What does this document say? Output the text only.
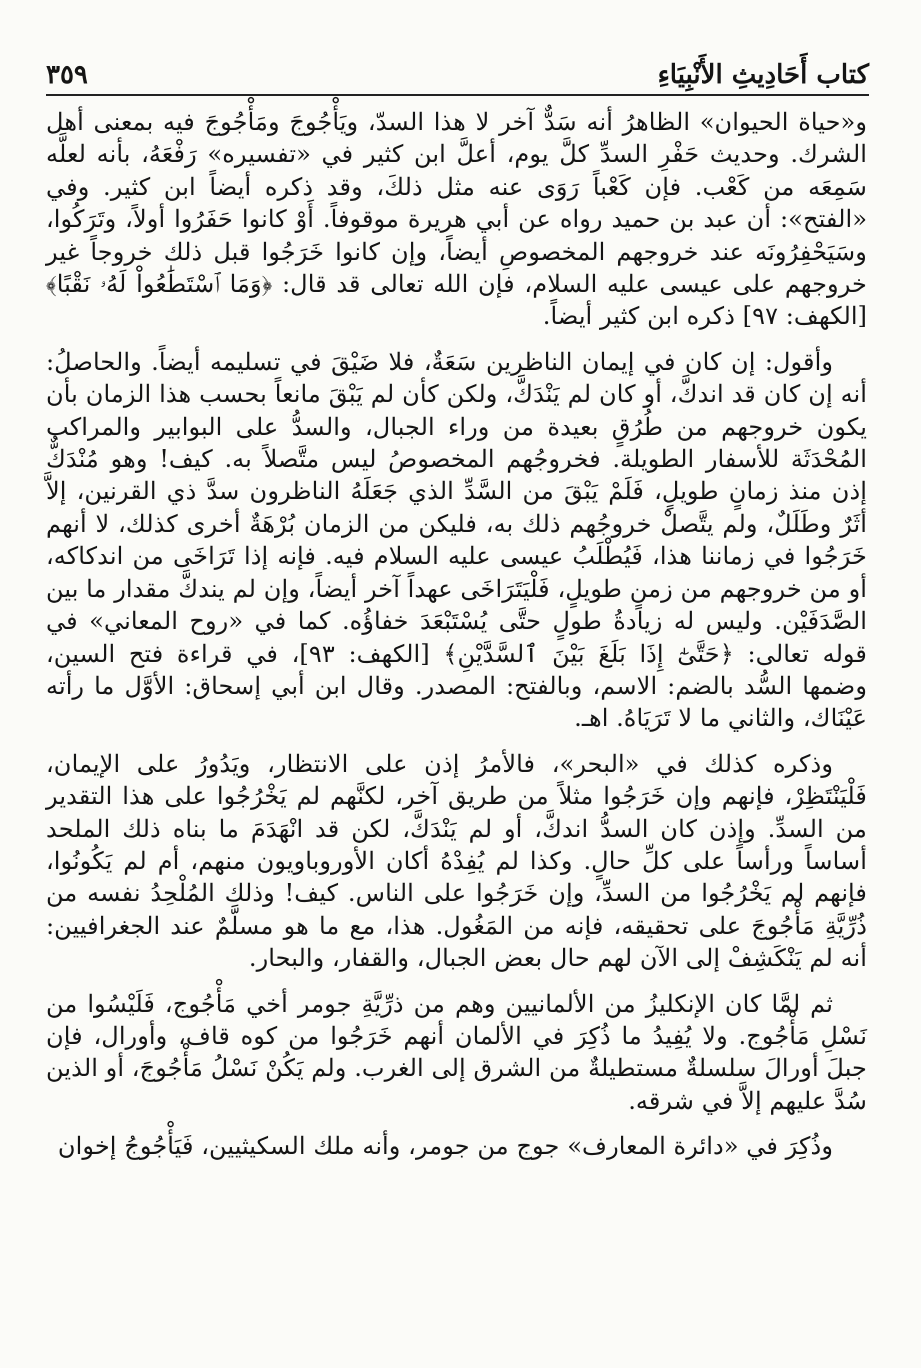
كتاب أَحَادِيثِ الأَنْبِيَاءِ
٣٥٩

و«حياة الحيوان» الظاهرُ أنه سَدٌّ آخر لا هذا السدّ، ويَأْجُوجَ ومَأْجُوجَ فيه بمعنى أهل الشرك. وحديث حَفْرِ السدِّ كلَّ يوم، أعلَّ ابن كثير في «تفسيره» رَفْعَهُ، بأنه لعلَّه سَمِعَه من كَعْب. فإن كَعْباً رَوَى عنه مثل ذلكَ، وقد ذكره أيضاً ابن كثير. وفي «الفتح»: أن عبد بن حميد رواه عن أبي هريرة موقوفاً. أَوْ كانوا حَفَرُوا أولاً، وتَرَكُوا، وسَيَحْفِرُونَه عند خروجهم المخصوصِ أيضاً، وإن كانوا خَرَجُوا قبل ذلك خروجاً غير خروجهم على عيسى عليه السلام، فإن الله تعالى قد قال: ﴿وَمَا ٱسْتَطَٰعُواْ لَهُۥ نَقْبًا﴾ [الكهف: ٩٧] ذكره ابن كثير أيضاً.

وأقول: إن كان في إيمان الناظرين سَعَةٌ، فلا ضَيْقَ في تسليمه أيضاً. والحاصلُ: أنه إن كان قد اندكَّ، أو كان لم يَنْدَكَّ، ولكن كأن لم يَبْقَ مانعاً بحسب هذا الزمان بأن يكون خروجهم من طُرُقٍ بعيدة من وراء الجبال، والسدُّ على البوابير والمراكب المُحْدَثَة للأسفار الطويلة. فخروجُهم المخصوصُ ليس متَّصلاً به. كيف! وهو مُنْدَكٌّ إذن منذ زمانٍ طويلٍ، فَلَمْ يَبْقَ من السَّدِّ الذي جَعَلَهُ الناظرون سدَّ ذي القرنين، إلاَّ أثَرٌ وطَلَلٌ، ولم يتَّصلْ خروجُهم ذلك به، فليكن من الزمان بُرْهَةٌ أخرى كذلك، لا أنهم خَرَجُوا في زماننا هذا، فَيُطْلَبُ عيسى عليه السلام فيه. فإنه إذا تَرَاخَى من اندكاكه، أو من خروجهم من زمنٍ طويلٍ، فَلْيَتَرَاخَى عهداً آخر أيضاً، وإن لم يندكَّ مقدار ما بين الصَّدَفَيْن. وليس له زيادةُ طولٍ حتَّى يُسْتَبْعَدَ خفاؤُه. كما في «روح المعاني» في قوله تعالى: ﴿حَتَّىٰٓ إِذَا بَلَغَ بَيْنَ ٱلسَّدَّيْنِ﴾ [الكهف: ٩٣]، في قراءة فتح السين، وضمها السُّد بالضم: الاسم، وبالفتح: المصدر. وقال ابن أبي إسحاق: الأوَّل ما رأته عَيْنَاك، والثاني ما لا تَرَيَاهُ. اهـ.

وذكره كذلك في «البحر»، فالأمرُ إذن على الانتظار، ويَدُورُ على الإيمان، فَلْيَنْتَظِرْ، فإنهم وإن خَرَجُوا مثلاً من طريق آخر، لكنَّهم لم يَخْرُجُوا على هذا التقدير من السدِّ. وإذن كان السدُّ اندكَّ، أو لم يَنْدَكَّ، لكن قد انْهَدَمَ ما بناه ذلك الملحد أساساً ورأساً على كلِّ حالٍ. وكذا لم يُفِدْهُ أكان الأوروباويون منهم، أم لم يَكُونُوا، فإنهم لم يَخْرُجُوا من السدِّ، وإن خَرَجُوا على الناس. كيف! وذلك المُلْحِدُ نفسه من ذُرِّيَّةِ مَأْجُوجَ على تحقيقه، فإنه من المَغُول. هذا، مع ما هو مسلَّمٌ عند الجغرافيين: أنه لم يَنْكَشِفْ إلى الآن لهم حال بعض الجبال، والقفار، والبحار.

ثم لمَّا كان الإنكليزُ من الألمانيين وهم من ذرِّيَّةِ جومر أخي مَأْجُوج، فَلَيْسُوا من نَسْلِ مَأْجُوج. ولا يُفِيدُ ما ذُكِرَ في الألمان أنهم خَرَجُوا من كوه قاف، وأورال، فإن جبلَ أورالَ سلسلةٌ مستطيلةٌ من الشرق إلى الغرب. ولم يَكُنْ نَسْلُ مَأْجُوجَ، أو الذين سُدَّ عليهم إلاَّ في شرقه.

وذُكِرَ في «دائرة المعارف» جوج من جومر، وأنه ملك السكيثيين، فَيَأْجُوجُ إخوان
